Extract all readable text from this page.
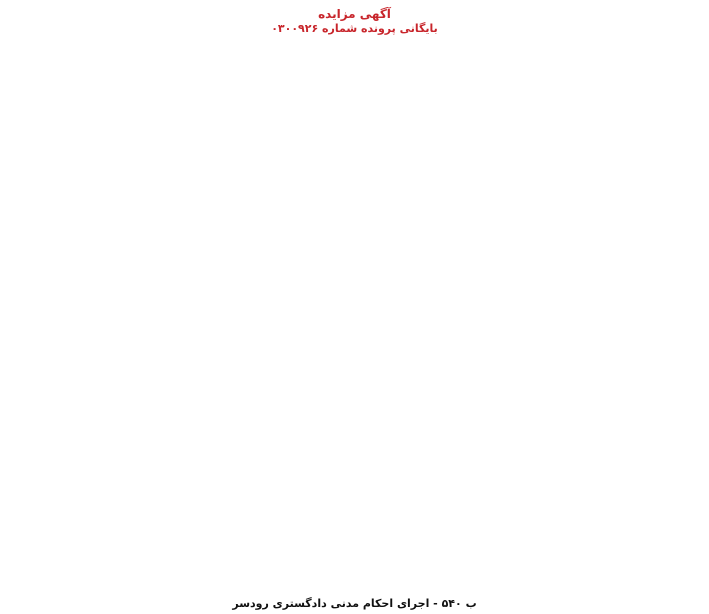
آگهی مزایده
بایگانی پرونده شماره ۰۳۰۰۹۲۶
ب ۵۴۰ - اجرای احکام مدنی دادگستری رودسر
